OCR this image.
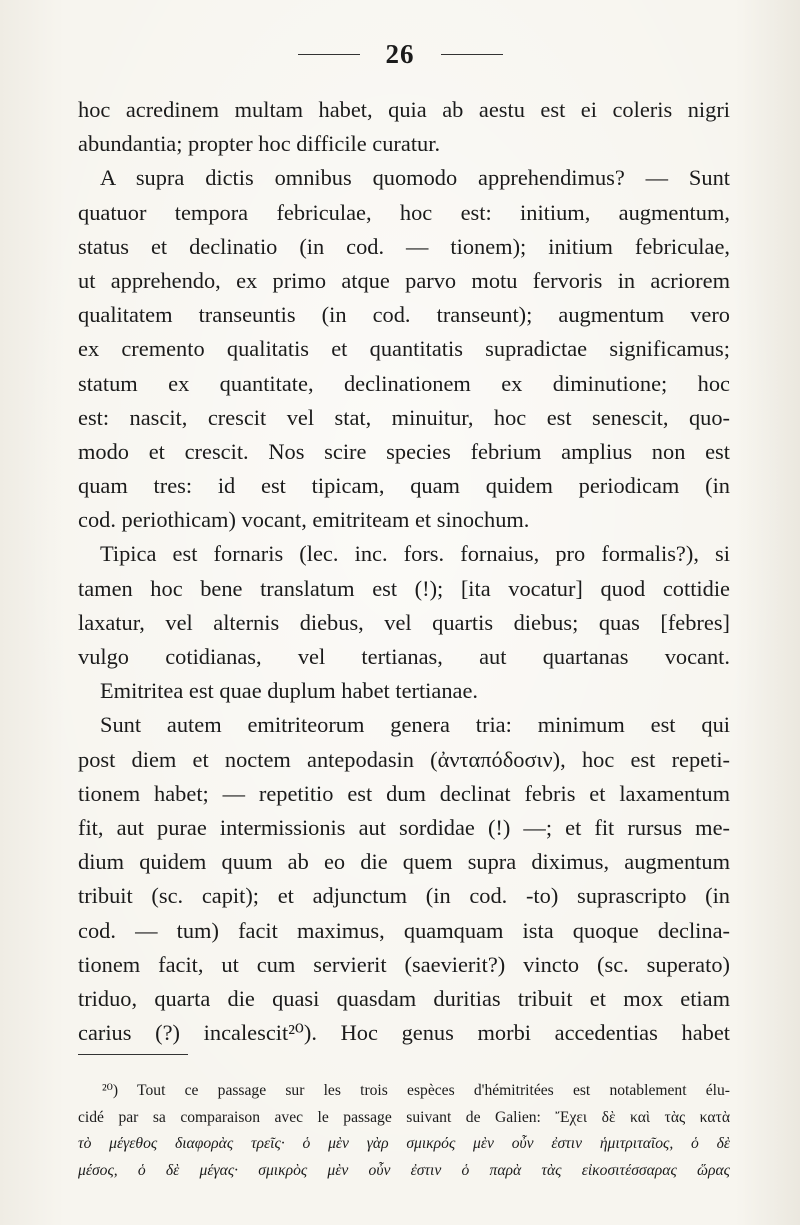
26
hoc acredinem multam habet, quia ab aestu est ei coleris nigri
abundantia; propter hoc difficile curatur.
A supra dictis omnibus quomodo apprehendimus? — Sunt
quatuor tempora febriculae, hoc est: initium, augmentum,
status et declinatio (in cod. — tionem); initium febriculae,
ut apprehendo, ex primo atque parvo motu fervoris in acriorem
qualitatem transeuntis (in cod. transeunt); augmentum vero
ex cremento qualitatis et quantitatis supradictae significamus;
statum ex quantitate, declinationem ex diminutione; hoc
est: nascit, crescit vel stat, minuitur, hoc est senescit, quo-
modo et crescit. Nos scire species febrium amplius non est
quam tres: id est tipicam, quam quidem periodicam (in
cod. periothicam) vocant, emitriteam et sinochum.
Tipica est fornaris (lec. inc. fors. fornaius, pro formalis?), si
tamen hoc bene translatum est (!); [ita vocatur] quod cottidie
laxatur, vel alternis diebus, vel quartis diebus; quas [febres]
vulgo cotidianas, vel tertianas, aut quartanas vocant.
Emitritea est quae duplum habet tertianae.
Sunt autem emitriteorum genera tria: minimum est qui
post diem et noctem antepodasin (ἀνταπόδοσιν), hoc est repeti-
tionem habet; — repetitio est dum declinat febris et laxamentum
fit, aut purae intermissionis aut sordidae (!) —; et fit rursus me-
dium quidem quum ab eo die quem supra diximus, augmentum
tribuit (sc. capit); et adjunctum (in cod. -to) suprascripto (in
cod. — tum) facit maximus, quamquam ista quoque declina-
tionem facit, ut cum servierit (saevierit?) vincto (sc. superato)
triduo, quarta die quasi quasdam duritias tribuit et mox etiam
carius (?) incalescit²⁰). Hoc genus morbi accedentias habet
²⁰) Tout ce passage sur les trois espèces d'hémitritées est notablement élu-
cidé par sa comparaison avec le passage suivant de Galien: Ἔχει δὲ καὶ τὰς κατὰ
τὸ μέγεθος διαφορὰς τρεῖς· ὁ μὲν γὰρ σμικρός μὲν οὖν ἐστιν ἡμιτριταῖος, ὁ δὲ
μέσος, ὁ δὲ μέγας· σμικρὸς μὲν οὖν ἐστιν ὁ παρὰ τὰς εἰκοσιτέσσαρας ὥρας
